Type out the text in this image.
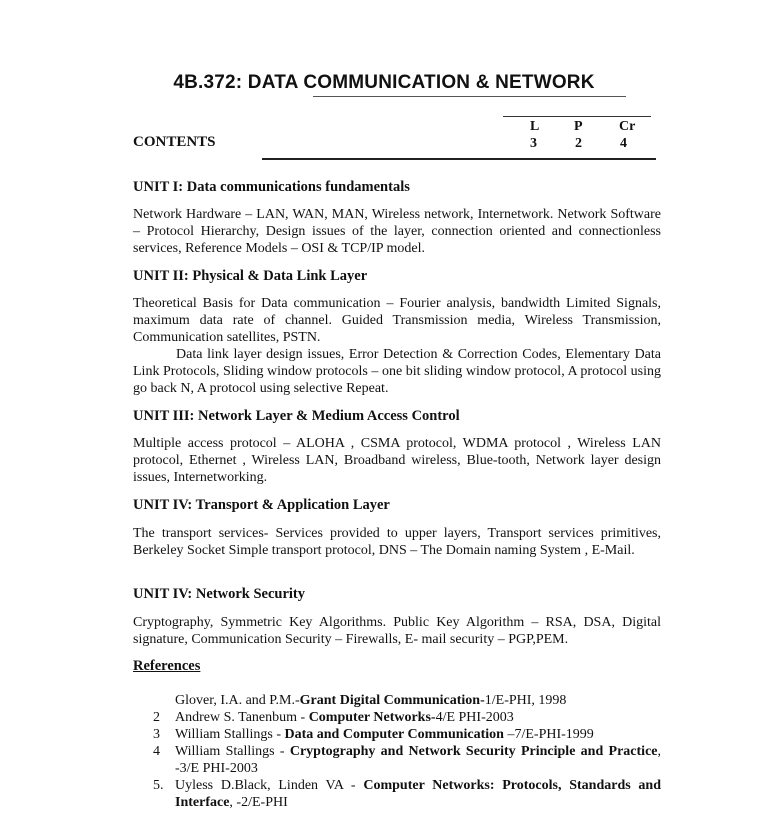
4B.372: DATA COMMUNICATION & NETWORK
L P	Cr
3	2	4
CONTENTS
UNIT I: Data communications fundamentals
Network Hardware – LAN, WAN, MAN, Wireless network, Internetwork. Network Software – Protocol Hierarchy, Design issues of the layer, connection oriented and connectionless services, Reference Models – OSI & TCP/IP model.
UNIT II: Physical & Data Link Layer
Theoretical Basis for Data communication – Fourier analysis, bandwidth Limited Signals, maximum data rate of channel. Guided Transmission media, Wireless Transmission, Communication satellites, PSTN.
Data link layer design issues, Error Detection & Correction Codes, Elementary Data Link Protocols, Sliding window protocols – one bit sliding window protocol, A protocol using go back N, A protocol using selective Repeat.
UNIT III: Network Layer & Medium Access Control
Multiple access protocol – ALOHA , CSMA protocol, WDMA protocol , Wireless LAN protocol, Ethernet , Wireless LAN, Broadband wireless, Blue-tooth, Network layer design issues, Internetworking.
UNIT IV: Transport & Application Layer
The transport services- Services provided to upper layers, Transport services primitives, Berkeley Socket Simple transport protocol, DNS – The Domain naming System , E-Mail.
UNIT IV: Network Security
Cryptography, Symmetric Key Algorithms. Public Key Algorithm – RSA, DSA, Digital signature, Communication Security – Firewalls, E- mail security – PGP,PEM.
References
Glover, I.A. and P.M.-Grant Digital Communication-1/E-PHI, 1998
2 Andrew S. Tanenbum - Computer Networks-4/E PHI-2003
3 William Stallings - Data and Computer Communication –7/E-PHI-1999
4 William Stallings - Cryptography and Network Security Principle and Practice, -3/E PHI-2003
5. Uyless D.Black, Linden VA - Computer Networks: Protocols, Standards and Interface, -2/E-PHI
